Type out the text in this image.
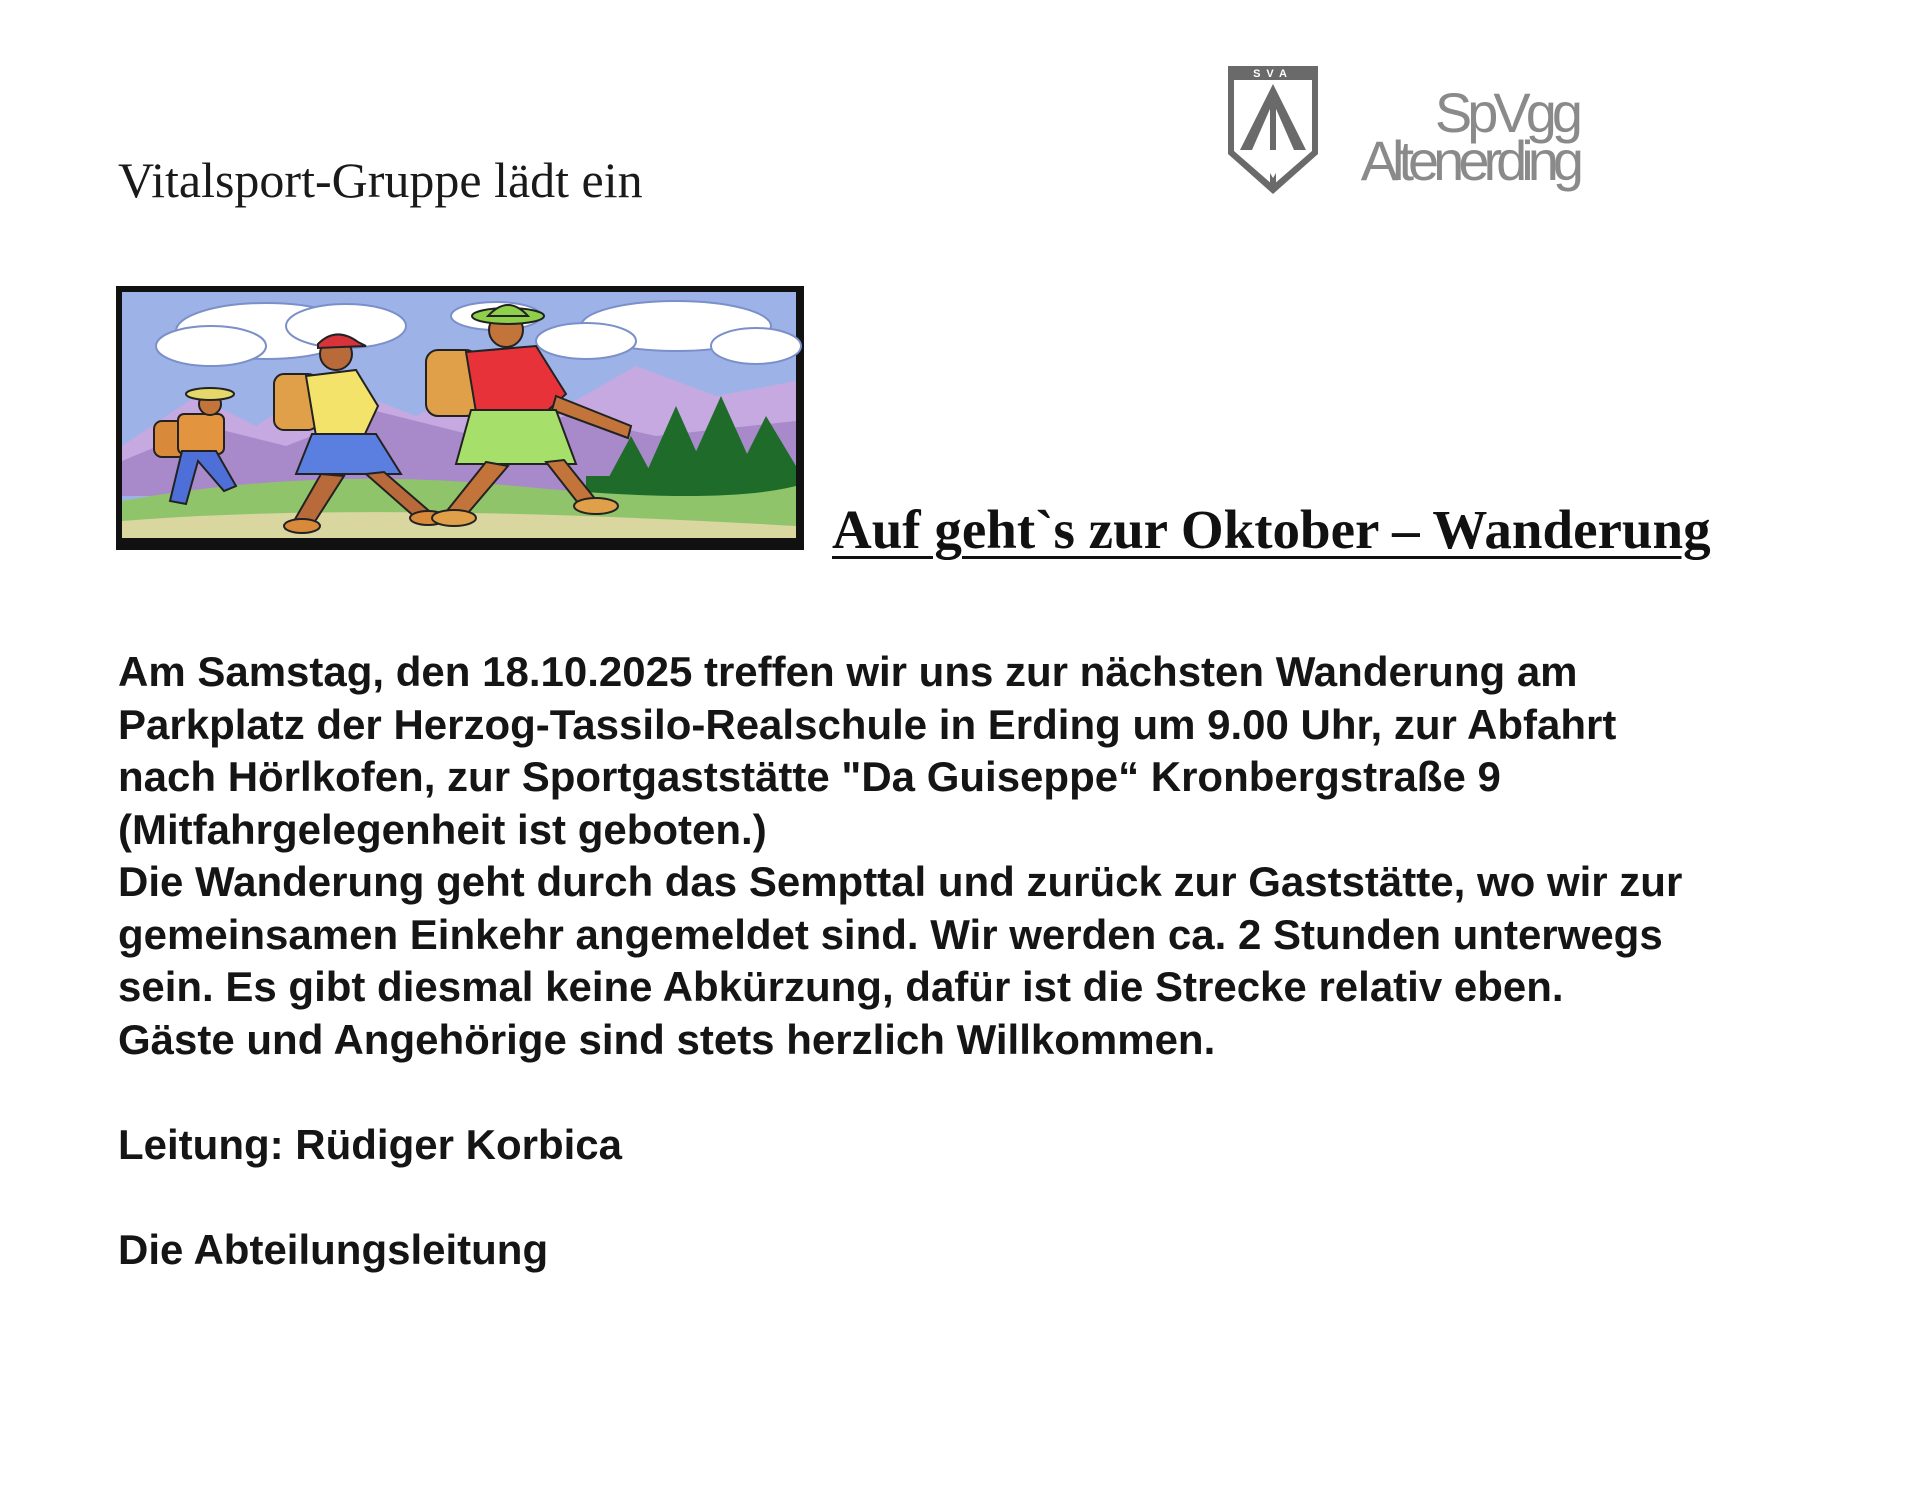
Vitalsport-Gruppe lädt ein
SVA
SpVgg
Altenerding
Auf geht`s zur Oktober – Wanderung
Am Samstag, den 18.10.2025 treffen wir uns zur nächsten Wanderung am
Parkplatz der Herzog-Tassilo-Realschule in Erding um 9.00 Uhr, zur Abfahrt
nach Hörlkofen, zur Sportgaststätte "Da Guiseppe“ Kronbergstraße 9
(Mitfahrgelegenheit ist geboten.)
Die Wanderung geht durch das Sempttal und zurück zur Gaststätte, wo wir zur
gemeinsamen Einkehr angemeldet sind. Wir werden ca. 2 Stunden unterwegs
sein. Es gibt diesmal keine Abkürzung, dafür ist die Strecke relativ eben.
Gäste und Angehörige sind stets herzlich Willkommen.
Leitung: Rüdiger Korbica
Die Abteilungsleitung
